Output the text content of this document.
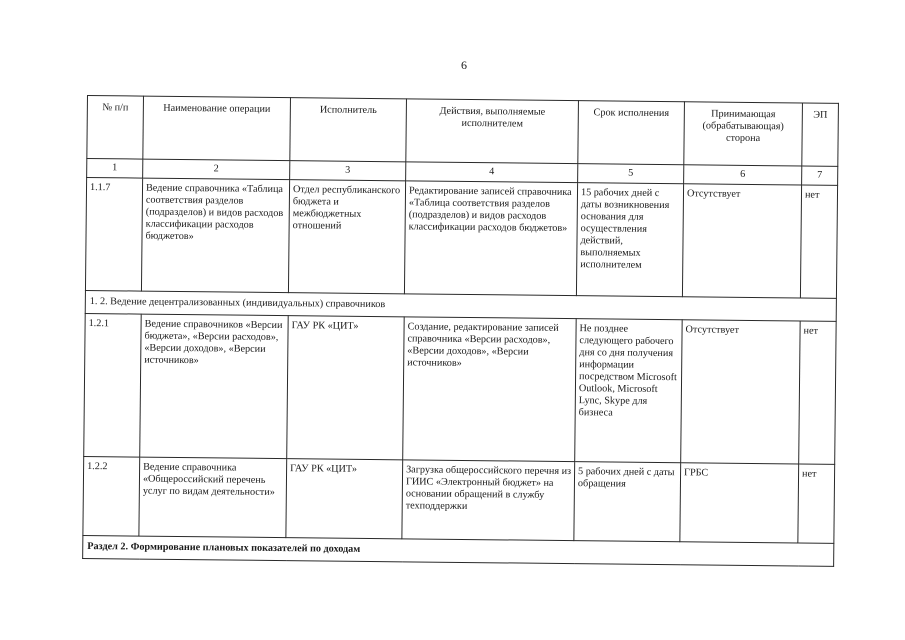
6
№ п/п	Наименование операции	Исполнитель	Действия, выполняемые исполнителем	Срок исполнения	Принимающая (обрабатывающая) сторона	ЭП
1	2	3	4	5	6	7
1.1.7	Ведение справочника «Таблица соответствия разделов (подразделов) и видов расходов классификации расходов бюджетов»	Отдел республиканского бюджета и межбюджетных отношений	Редактирование записей справочника «Таблица соответствия разделов (подразделов) и видов расходов классификации расходов бюджетов»	15 рабочих дней с даты возникновения основания для осуществления действий, выполняемых исполнителем	Отсутствует	нет
1. 2. Ведение децентрализованных (индивидуальных) справочников						
1.2.1	Ведение справочников «Версии бюджета», «Версии расходов», «Версии доходов», «Версии источников»	ГАУ РК «ЦИТ»	Создание, редактирование записей справочника «Версии расходов», «Версии доходов», «Версии источников»	Не позднее следующего рабочего дня со дня получения информации посредством Microsoft Outlook, Microsoft Lync, Skype для бизнеса	Отсутствует	нет
1.2.2	Ведение справочника «Общероссийский перечень услуг по видам деятельности»	ГАУ РК «ЦИТ»	Загрузка общероссийского перечня из ГИИС «Электронный бюджет» на основании обращений в службу техподдержки	5 рабочих дней с даты обращения	ГРБС	нет
Раздел 2. Формирование плановых показателей по доходам						
